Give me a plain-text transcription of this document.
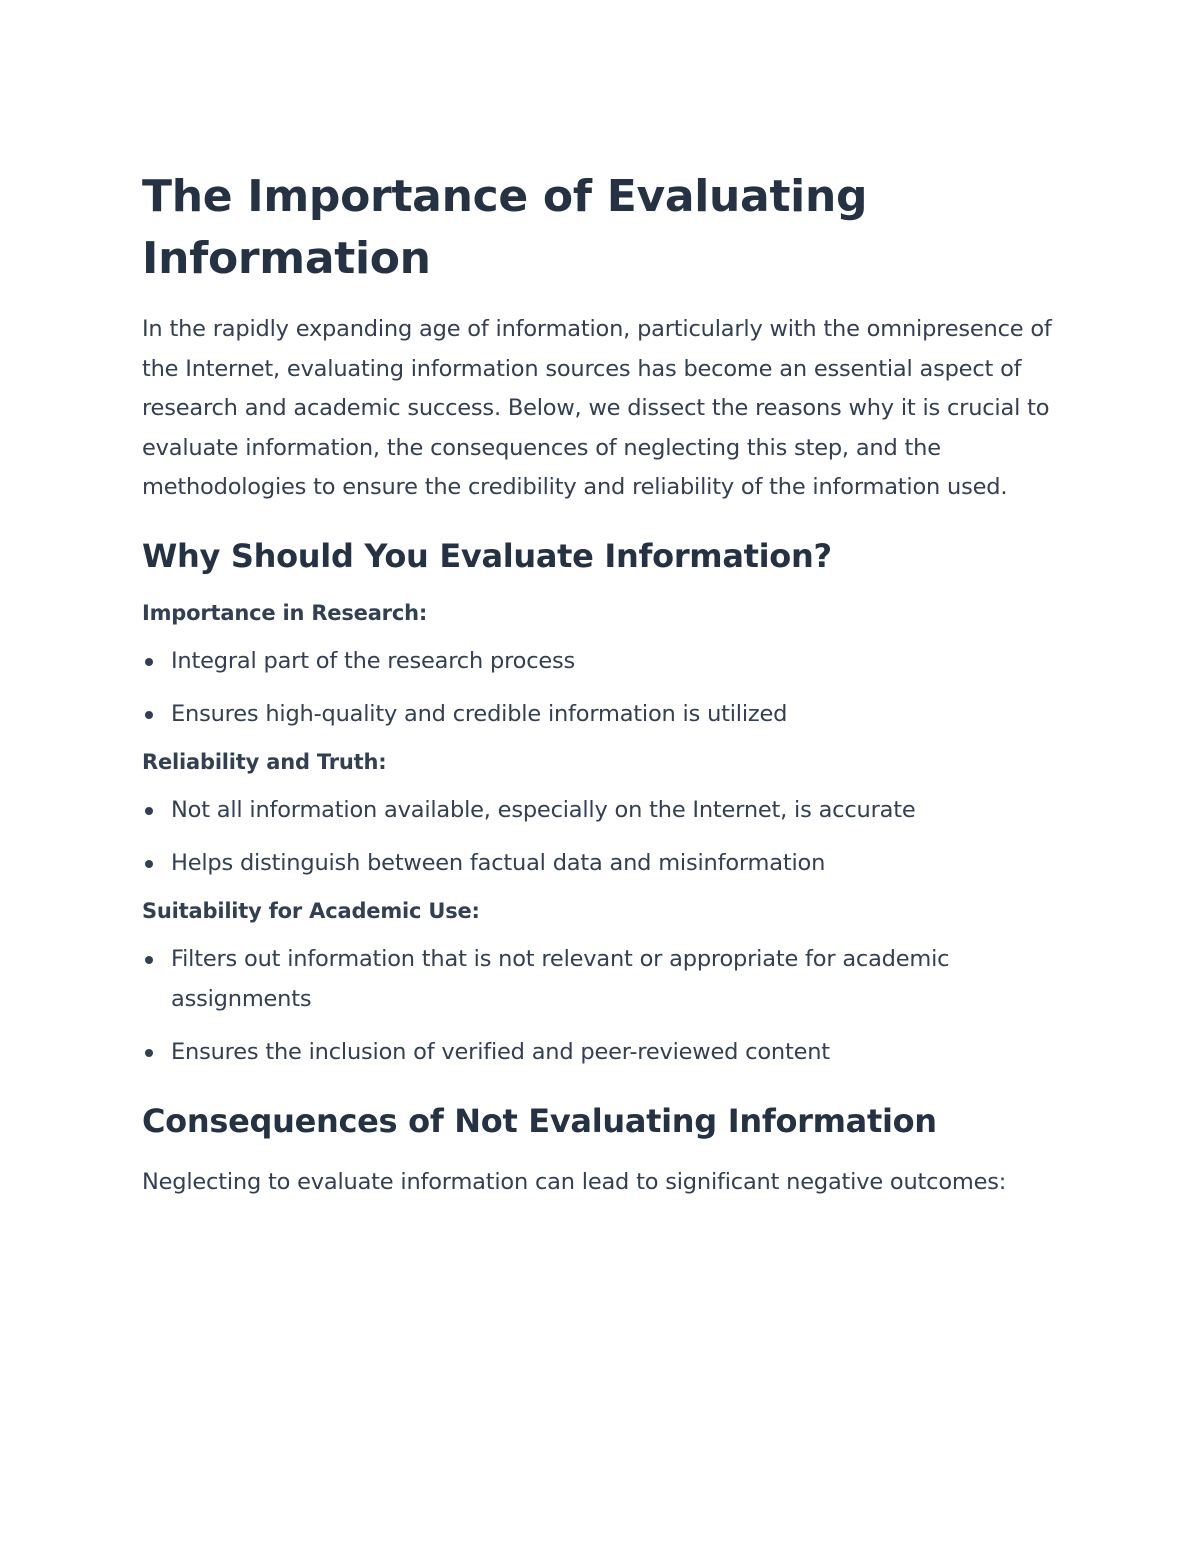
The Importance of Evaluating Information

In the rapidly expanding age of information, particularly with the omnipresence of the Internet, evaluating information sources has become an essential aspect of research and academic success. Below, we dissect the reasons why it is crucial to evaluate information, the consequences of neglecting this step, and the methodologies to ensure the credibility and reliability of the information used.

Why Should You Evaluate Information?
Importance in Research:
Integral part of the research process
Ensures high-quality and credible information is utilized
Reliability and Truth:
Not all information available, especially on the Internet, is accurate
Helps distinguish between factual data and misinformation
Suitability for Academic Use:
Filters out information that is not relevant or appropriate for academic assignments
Ensures the inclusion of verified and peer-reviewed content
Consequences of Not Evaluating Information

Neglecting to evaluate information can lead to significant negative outcomes:
